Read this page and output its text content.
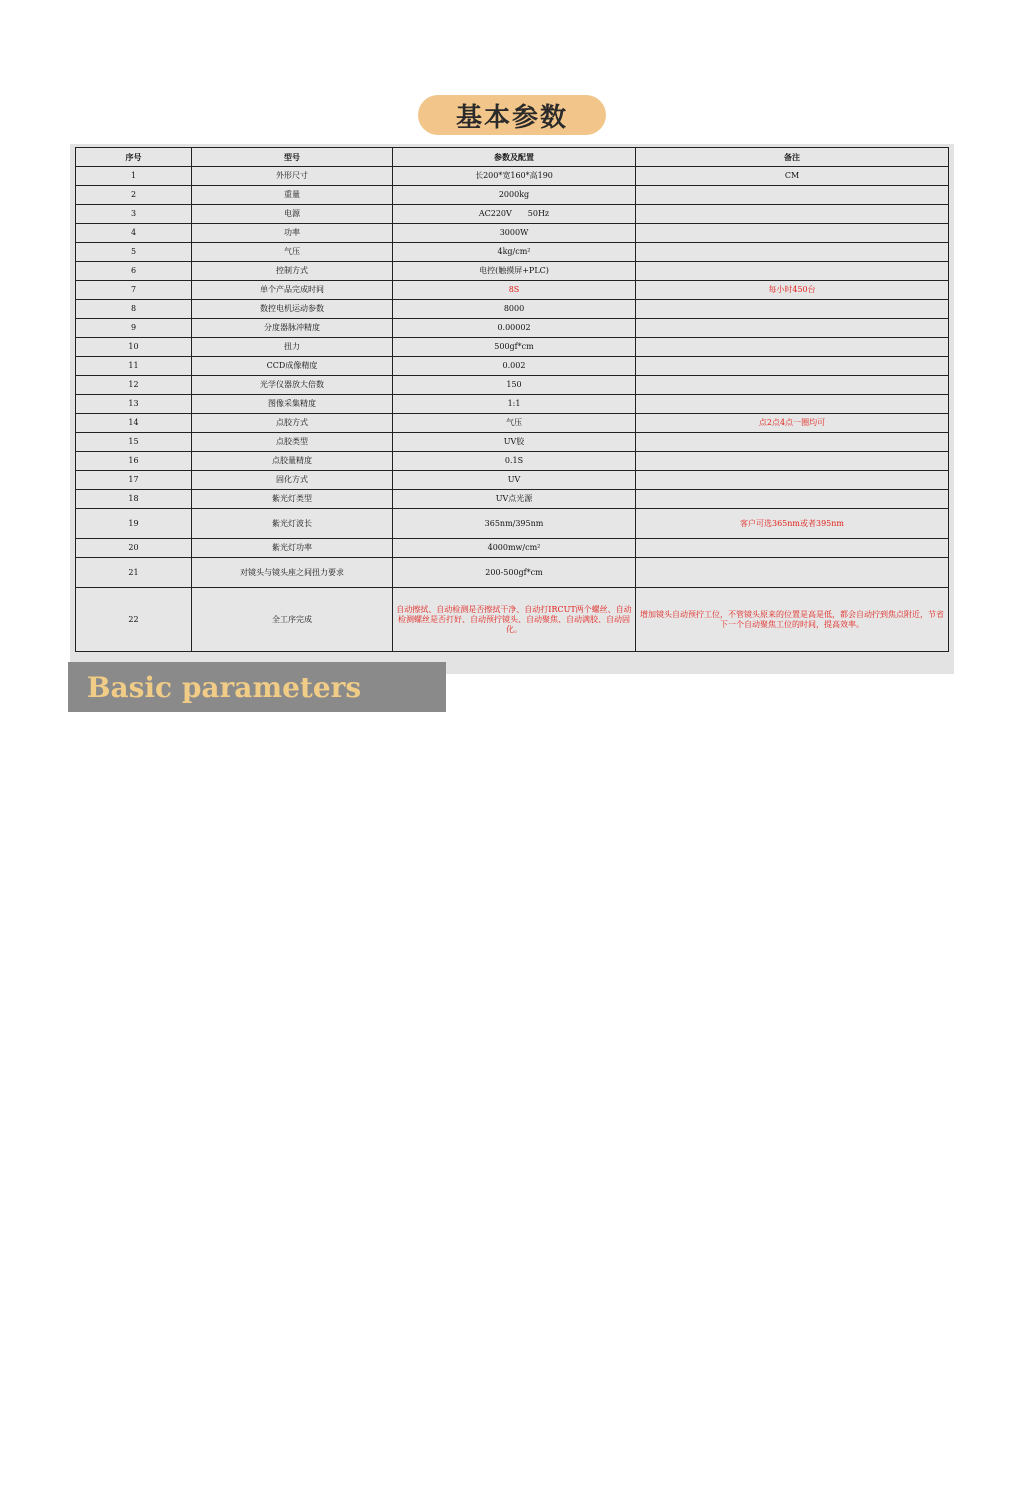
基本参数
序号	型号	参数及配置	备注
1	外形尺寸	长200*宽160*高190	CM
2	重量	2000kg	
3	电源	AC220V　　50Hz	
4	功率	3000W	
5	气压	4kg/cm²	
6	控制方式	电控(触摸屏+PLC)	
7	单个产品完成时间	8S	每小时450台
8	数控电机运动参数	8000	
9	分度器脉冲精度	0.00002	
10	扭力	500gf*cm	
11	CCD成像精度	0.002	
12	光学仪器放大倍数	150	
13	图像采集精度	1:1	
14	点胶方式	气压	点2点4点一圈均可
15	点胶类型	UV胶	
16	点胶量精度	0.1S	
17	固化方式	UV	
18	紫光灯类型	UV点光源	
19	紫光灯波长	365nm/395nm	客户可选365nm或者395nm
20	紫光灯功率	4000mw/cm²	
21	对镜头与镜头座之间扭力要求	200-500gf*cm	
22	全工序完成	自动擦拭、自动检测是否擦拭干净、自动打IRCUT两个螺丝、自动检测螺丝是否打好、自动预拧镜头、自动聚焦、自动满胶、自动固化。	增加镜头自动预拧工位，不管镜头原来的位置是高是低，都会自动拧到焦点附近，节省下一个自动聚焦工位的时间，提高效率。
Basic parameters
